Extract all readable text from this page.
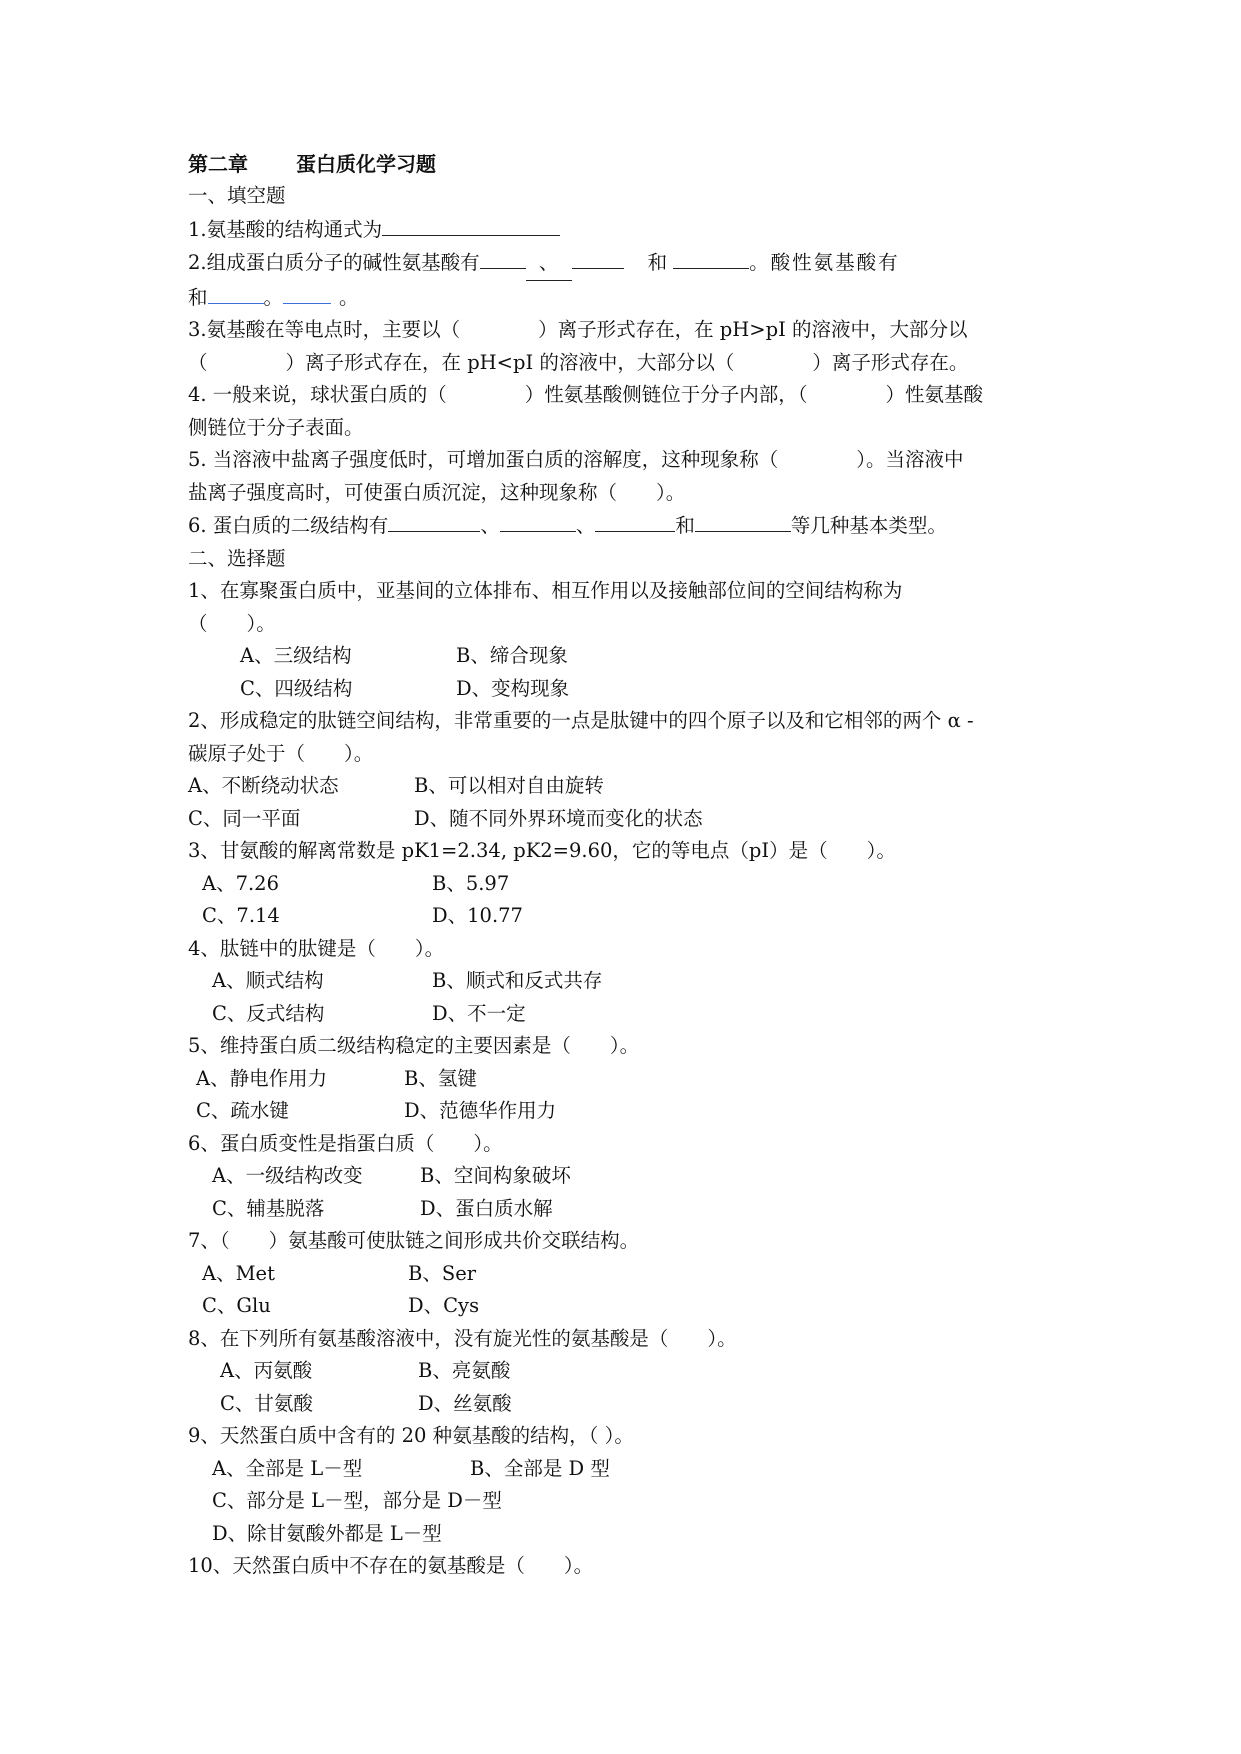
第二章 蛋白质化学习题
一、填空题
1.氨基酸的结构通式为
2.组成蛋白质分子的碱性氨基酸有	、	和	。酸性氨基酸有
和	。	。
3.氨基酸在等电点时，主要以（　　　　）离子形式存在，在 pH>pI 的溶液中，大部分以
（　　　　）离子形式存在，在 pH<pI 的溶液中，大部分以（　　　　）离子形式存在。
4. 一般来说，球状蛋白质的（　　　　）性氨基酸侧链位于分子内部，（　　　　）性氨基酸
侧链位于分子表面。
5. 当溶液中盐离子强度低时，可增加蛋白质的溶解度，这种现象称（　　　　）。当溶液中
盐离子强度高时，可使蛋白质沉淀，这种现象称（　　）。
6. 蛋白质的二级结构有	、	、	和	等几种基本类型。
二、选择题
1、在寡聚蛋白质中，亚基间的立体排布、相互作用以及接触部位间的空间结构称为
（　　）。
A、三级结构	B、缔合现象
C、四级结构	D、变构现象
2、形成稳定的肽链空间结构，非常重要的一点是肽键中的四个原子以及和它相邻的两个 α -
碳原子处于（　　）。
A、不断绕动状态	B、可以相对自由旋转
C、同一平面	D、随不同外界环境而变化的状态
3、甘氨酸的解离常数是 pK1=2.34, pK2=9.60，它的等电点（pI）是（　　）。
A、7.26	B、5.97
C、7.14	D、10.77
4、肽链中的肽键是（　　）。
A、顺式结构	B、顺式和反式共存
C、反式结构	D、不一定
5、维持蛋白质二级结构稳定的主要因素是（　　）。
A、静电作用力	B、氢键
C、疏水键	D、范德华作用力
6、蛋白质变性是指蛋白质（　　）。
A、一级结构改变	B、空间构象破坏
C、辅基脱落	D、蛋白质水解
7、（　　）氨基酸可使肽链之间形成共价交联结构。
A、Met	B、Ser
C、Glu	D、Cys
8、在下列所有氨基酸溶液中，没有旋光性的氨基酸是（　　）。
A、丙氨酸	B、亮氨酸
C、甘氨酸	D、丝氨酸
9、天然蛋白质中含有的 20 种氨基酸的结构，（ ）。
A、全部是 L－型	B、全部是 D 型
C、部分是 L－型，部分是 D－型
D、除甘氨酸外都是 L－型
10、天然蛋白质中不存在的氨基酸是（　　）。
